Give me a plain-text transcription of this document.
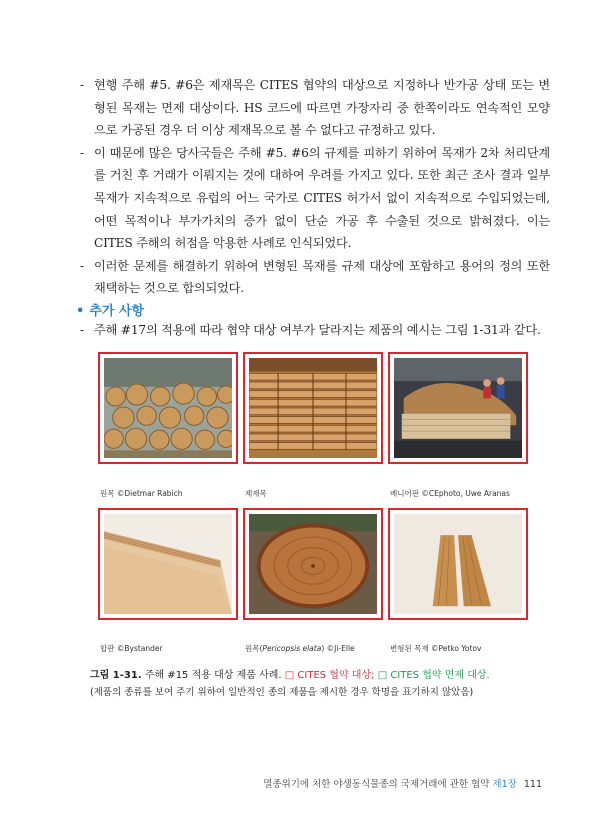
- 현행 주해 #5. #6은 제재목은 CITES 협약의 대상으로 지정하나 반가공 상태 또는 변형된 목재는 면제 대상이다. HS 코드에 따르면 가장자리 중 한쪽이라도 연속적인 모양으로 가공된 경우 더 이상 제재목으로 볼 수 없다고 규정하고 있다.
- 이 때문에 많은 당사국들은 주해 #5. #6의 규제를 피하기 위하여 목재가 2차 처리단계를 거친 후 거래가 이뤄지는 것에 대하여 우려를 가지고 있다. 또한 최근 조사 결과 일부 목재가 지속적으로 유럽의 어느 국가로 CITES 허가서 없이 지속적으로 수입되었는데, 어떤 목적이나 부가가치의 증가 없이 단순 가공 후 수출된 것으로 밝혀졌다. 이는 CITES 주해의 허점을 악용한 사례로 인식되었다.
- 이러한 문제를 해결하기 위하여 변형된 목재를 규제 대상에 포함하고 용어의 정의 또한 채택하는 것으로 합의되었다.
• 추가 사항
- 주해 #17의 적용에 따라 협약 대상 여부가 달라지는 제품의 예시는 그림 1-31과 같다.
원목 ©Dietmar Rabich	제재목	베니어판 ©CEphoto, Uwe Aranas
합판 ©Bystander	원목(Pericopsis elata) ©Ji-Elle	변형된 목재 ©Petko Yotov
그림 1-31. 주해 #15 적용 대상 제품 사례. □ CITES 협약 대상; □ CITES 협약 면제 대상.
(제품의 종류를 보여 주기 위하여 일반적인 종의 제품을 제시한 경우 학명을 표기하지 않았음)
멸종위기에 처한 야생동식물종의 국제거래에 관한 협약 제1장 111
